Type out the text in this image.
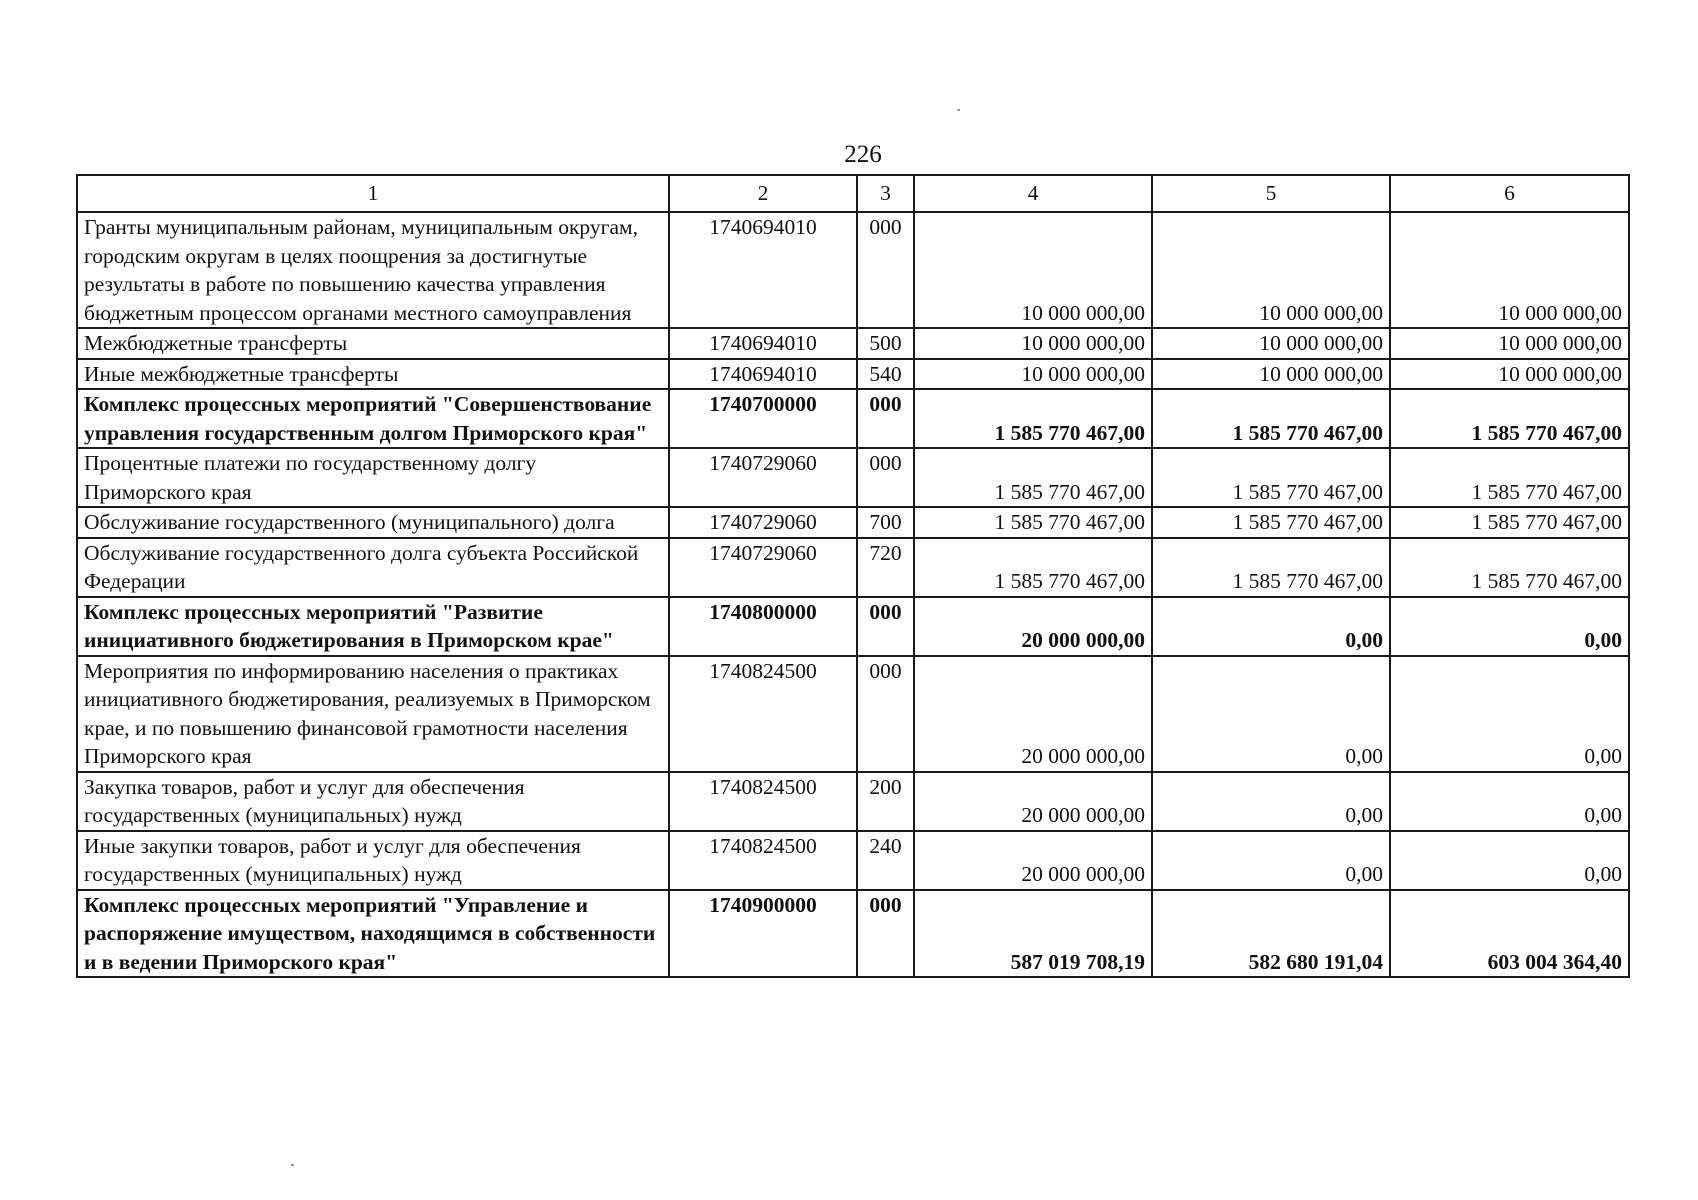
226
1	2	3	4	5	6
Гранты муниципальным районам, муниципальным округам, городским округам в целях поощрения за достигнутые результаты в работе по повышению качества управления бюджетным процессом органами местного самоуправления	1740694010	000	10 000 000,00	10 000 000,00	10 000 000,00
Межбюджетные трансферты	1740694010	500	10 000 000,00	10 000 000,00	10 000 000,00
Иные межбюджетные трансферты	1740694010	540	10 000 000,00	10 000 000,00	10 000 000,00
Комплекс процессных мероприятий "Совершенствование управления государственным долгом Приморского края"	1740700000	000	1 585 770 467,00	1 585 770 467,00	1 585 770 467,00
Процентные платежи по государственному долгу Приморского края	1740729060	000	1 585 770 467,00	1 585 770 467,00	1 585 770 467,00
Обслуживание государственного (муниципального) долга	1740729060	700	1 585 770 467,00	1 585 770 467,00	1 585 770 467,00
Обслуживание государственного долга субъекта Российской Федерации	1740729060	720	1 585 770 467,00	1 585 770 467,00	1 585 770 467,00
Комплекс процессных мероприятий "Развитие инициативного бюджетирования в Приморском крае"	1740800000	000	20 000 000,00	0,00	0,00
Мероприятия по информированию населения о практиках инициативного бюджетирования, реализуемых в Приморском крае, и по повышению финансовой грамотности населения Приморского края	1740824500	000	20 000 000,00	0,00	0,00
Закупка товаров, работ и услуг для обеспечения государственных (муниципальных) нужд	1740824500	200	20 000 000,00	0,00	0,00
Иные закупки товаров, работ и услуг для обеспечения государственных (муниципальных) нужд	1740824500	240	20 000 000,00	0,00	0,00
Комплекс процессных мероприятий "Управление и распоряжение имуществом, находящимся в собственности и в ведении Приморского края"	1740900000	000	587 019 708,19	582 680 191,04	603 004 364,40
